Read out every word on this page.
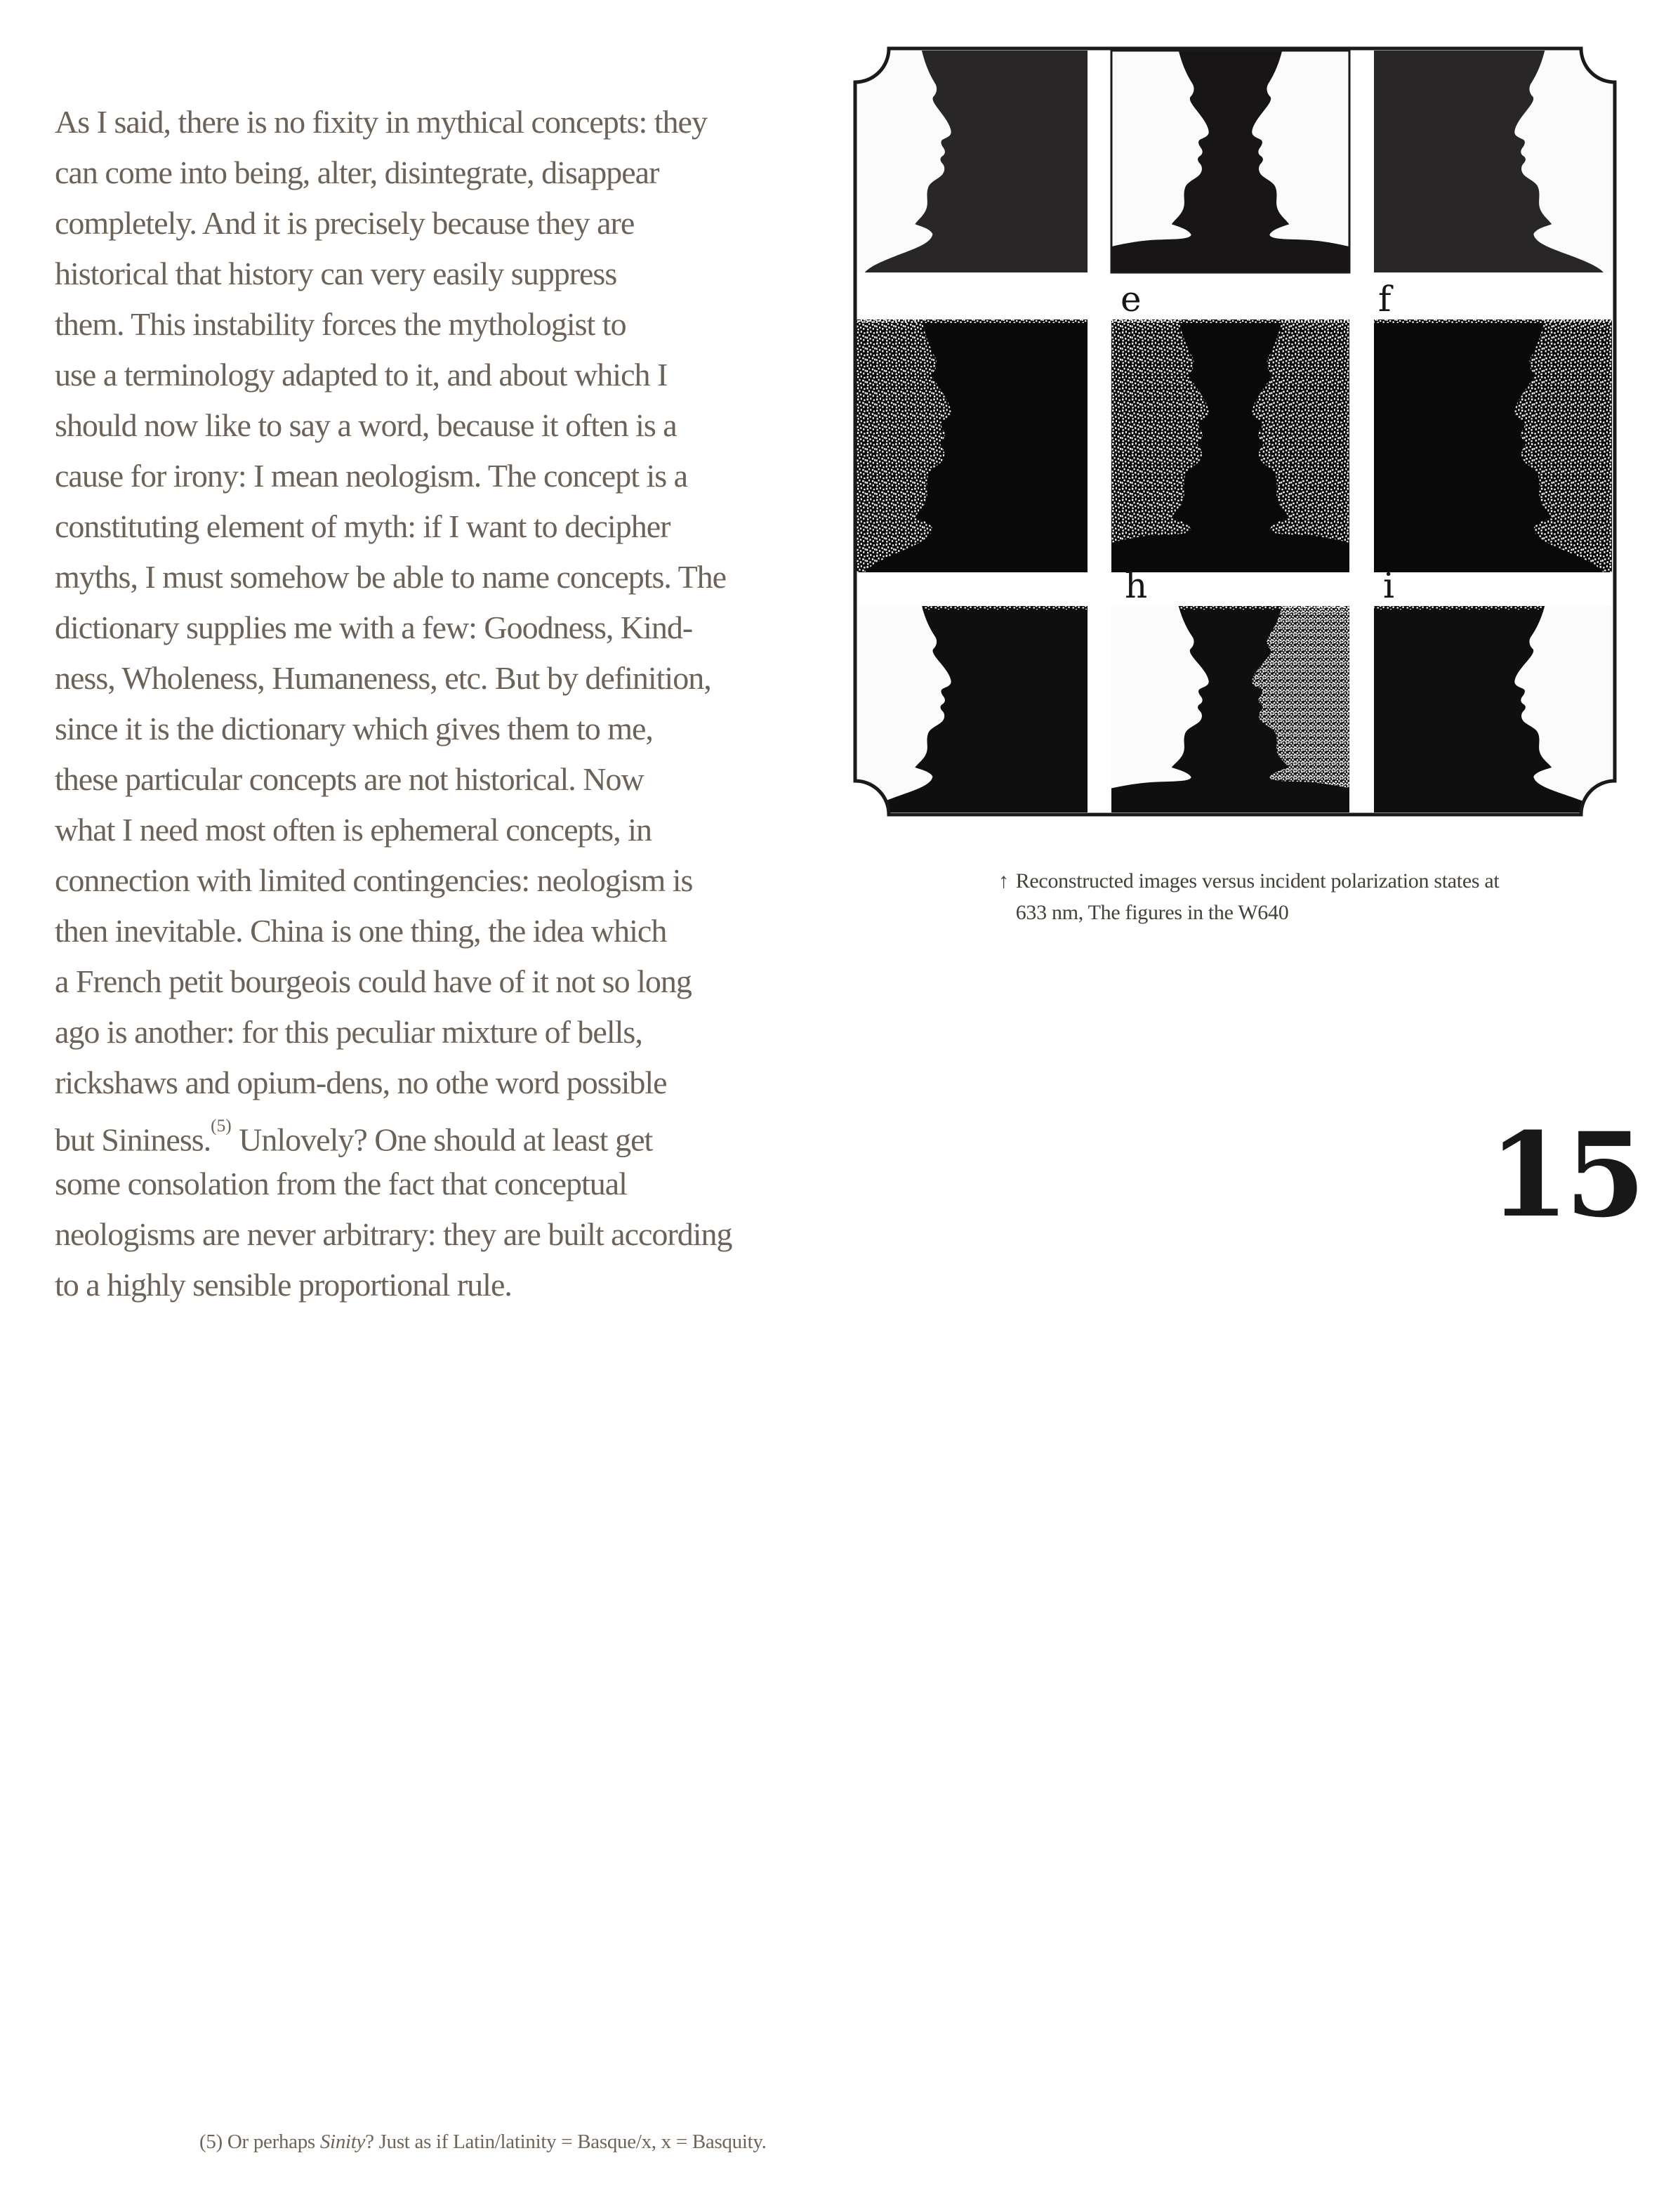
As I said, there is no fixity in mythical concepts: they
can come into being, alter, disintegrate, disappear
completely. And it is precisely because they are
historical that history can very easily suppress
them. This instability forces the mythologist to
use a terminology adapted to it, and about which I
should now like to say a word, because it often is a
cause for irony: I mean neologism. The concept is a
constituting element of myth: if I want to decipher
myths, I must somehow be able to name concepts. The
dictionary supplies me with a few: Goodness, Kind-
ness, Wholeness, Humaneness, etc. But by definition,
since it is the dictionary which gives them to me,
these particular concepts are not historical. Now
what I need most often is ephemeral concepts, in
connection with limited contingencies: neologism is
then inevitable. China is one thing, the idea which
a French petit bourgeois could have of it not so long
ago is another: for this peculiar mixture of bells,
rickshaws and opium-dens, no othe word possible
but Sininess.$^{(5)}$ Unlovely? One should at least get
some consolation from the fact that conceptual
neologisms are never arbitrary: they are built according
to a highly sensible proportional rule.
e	f
h	i
↑ Reconstructed images versus incident polarization states at
633 nm, The figures in the W640
15
(5) Or perhaps Sinity? Just as if Latin/latinity = Basque/x, x = Basquity.
